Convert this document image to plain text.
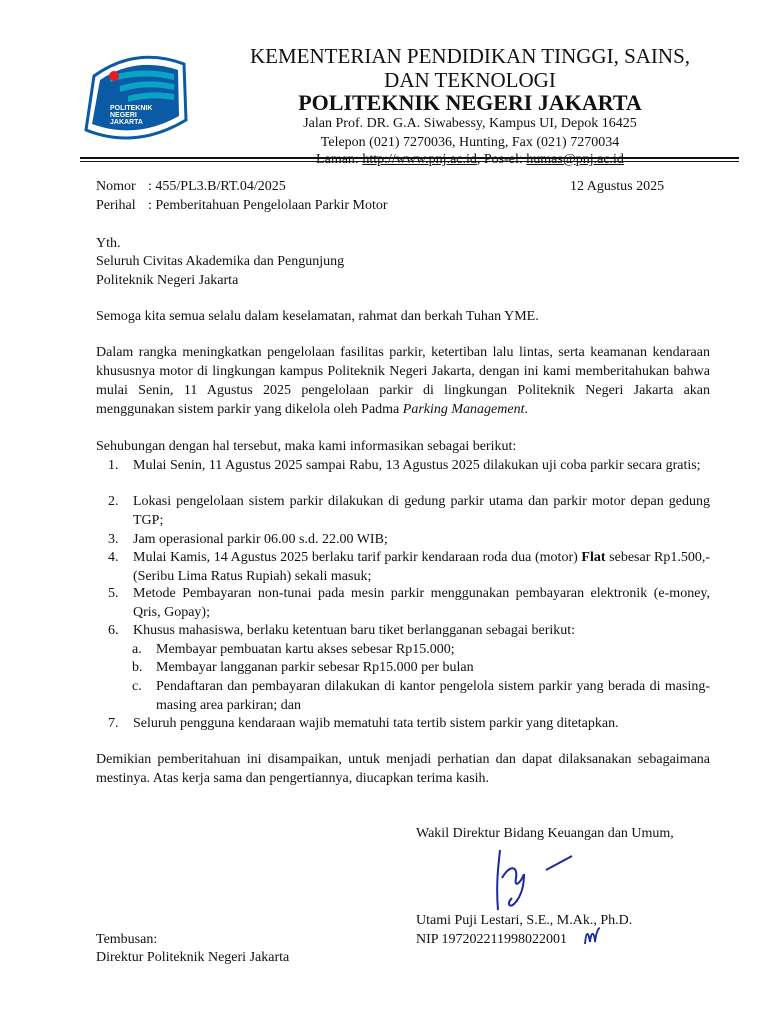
POLITEKNIK
NEGERI
JAKARTA
KEMENTERIAN PENDIDIKAN TINGGI, SAINS,
DAN TEKNOLOGI
POLITEKNIK NEGERI JAKARTA
Jalan Prof. DR. G.A. Siwabessy, Kampus UI, Depok 16425
Telepon (021) 7270036, Hunting, Fax (021) 7270034
Laman: http://www.pnj.ac.id, Pos-el: humas@pnj.ac.id
Nomor : 455/PL3.B/RT.04/2025	12 Agustus 2025
Perihal : Pemberitahuan Pengelolaan Parkir Motor
Yth.
Seluruh Civitas Akademika dan Pengunjung
Politeknik Negeri Jakarta
Semoga kita semua selalu dalam keselamatan, rahmat dan berkah Tuhan YME.
Dalam rangka meningkatkan pengelolaan fasilitas parkir, ketertiban lalu lintas, serta keamanan kendaraan khususnya motor di lingkungan kampus Politeknik Negeri Jakarta, dengan ini kami memberitahukan bahwa mulai Senin, 11 Agustus 2025 pengelolaan parkir di lingkungan Politeknik Negeri Jakarta akan menggunakan sistem parkir yang dikelola oleh Padma Parking Management.
Sehubungan dengan hal tersebut, maka kami informasikan sebagai berikut:
1.	Mulai Senin, 11 Agustus 2025 sampai Rabu, 13 Agustus 2025 dilakukan uji coba parkir secara gratis;
2.	Lokasi pengelolaan sistem parkir dilakukan di gedung parkir utama dan parkir motor depan gedung TGP;
3.	Jam operasional parkir 06.00 s.d. 22.00 WIB;
4.	Mulai Kamis, 14 Agustus 2025 berlaku tarif parkir kendaraan roda dua (motor) Flat sebesar Rp1.500,- (Seribu Lima Ratus Rupiah) sekali masuk;
5.	Metode Pembayaran non-tunai pada mesin parkir menggunakan pembayaran elektronik (e-money, Qris, Gopay);
6.	Khusus mahasiswa, berlaku ketentuan baru tiket berlangganan sebagai berikut:
a.	Membayar pembuatan kartu akses sebesar Rp15.000;
b. Membayar langganan parkir sebesar Rp15.000 per bulan
c.	Pendaftaran dan pembayaran dilakukan di kantor pengelola sistem parkir yang berada di masing-masing area parkiran; dan
7.	Seluruh pengguna kendaraan wajib mematuhi tata tertib sistem parkir yang ditetapkan.
Demikian pemberitahuan ini disampaikan, untuk menjadi perhatian dan dapat dilaksanakan sebagaimana mestinya. Atas kerja sama dan pengertiannya, diucapkan terima kasih.
Wakil Direktur Bidang Keuangan dan Umum,
Utami Puji Lestari, S.E., M.Ak., Ph.D.
NIP 197202211998022001
Tembusan:
Direktur Politeknik Negeri Jakarta
